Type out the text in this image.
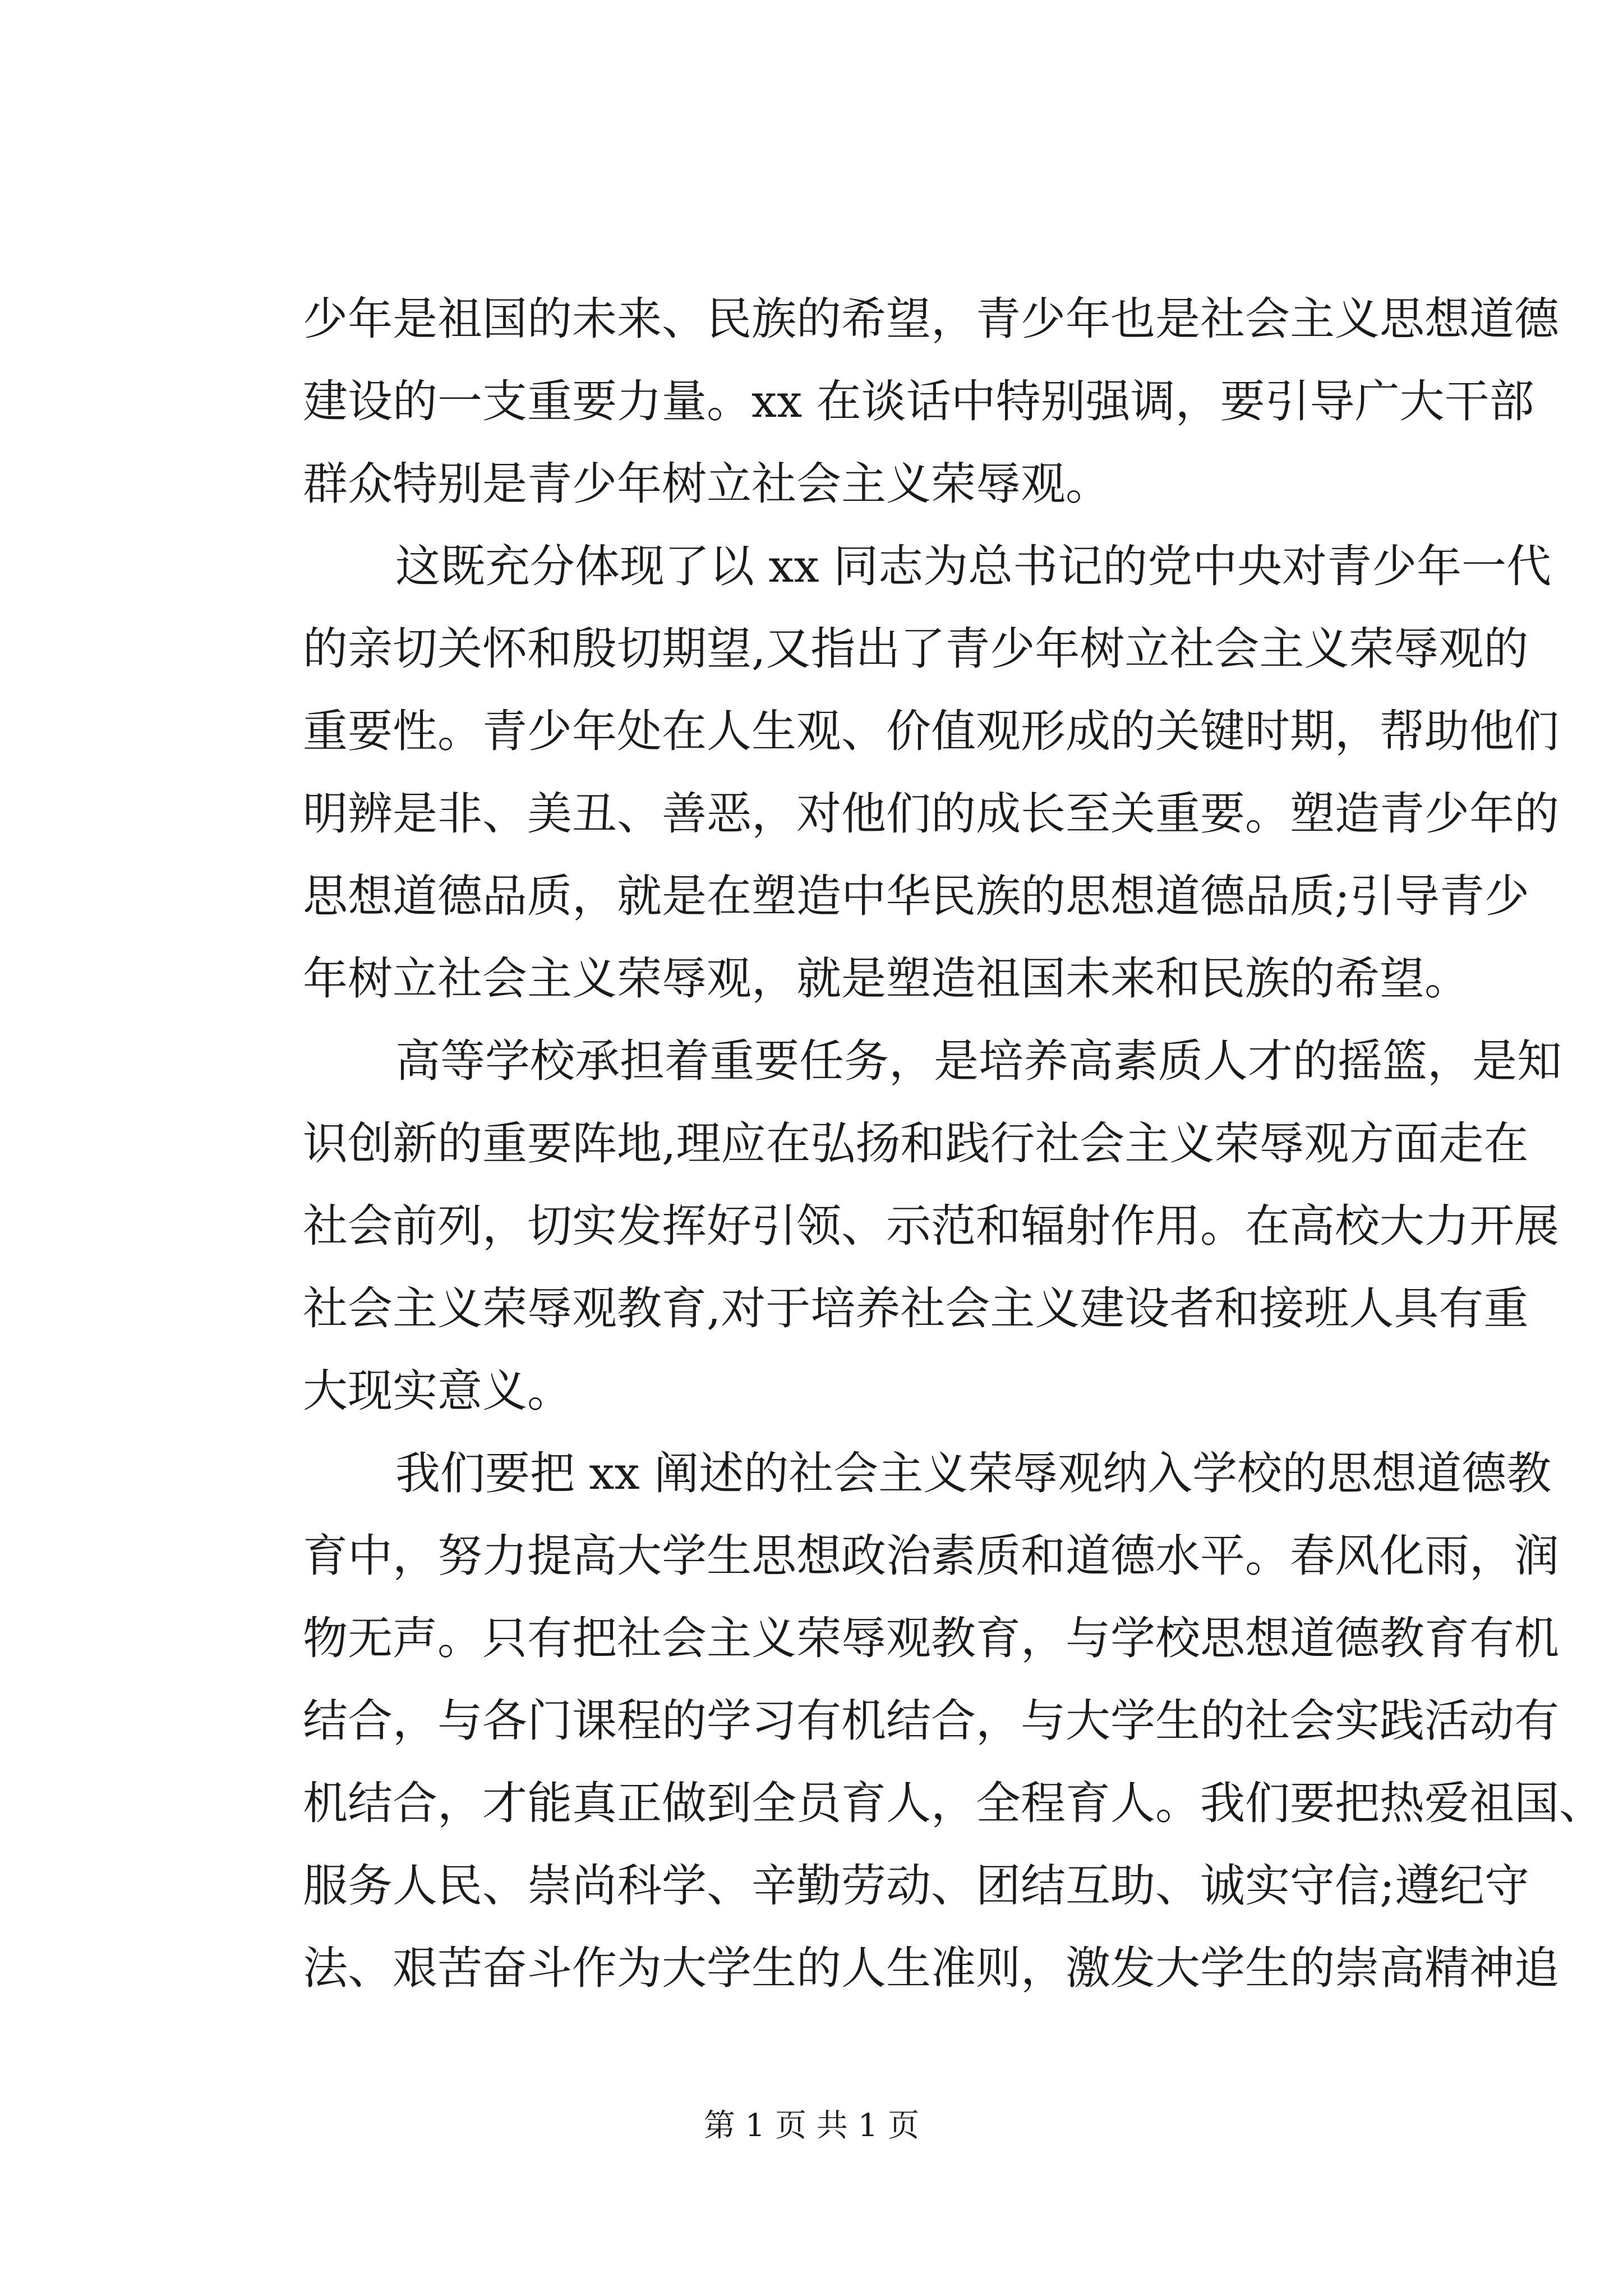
少年是祖国的未来、民族的希望，青少年也是社会主义思想道德
建设的一支重要力量。xx 在谈话中特别强调，要引导广大干部
群众特别是青少年树立社会主义荣辱观。
这既充分体现了以 xx 同志为总书记的党中央对青少年一代
的亲切关怀和殷切期望,又指出了青少年树立社会主义荣辱观的
重要性。青少年处在人生观、价值观形成的关键时期，帮助他们
明辨是非、美丑、善恶，对他们的成长至关重要。塑造青少年的
思想道德品质，就是在塑造中华民族的思想道德品质;引导青少
年树立社会主义荣辱观，就是塑造祖国未来和民族的希望。
高等学校承担着重要任务，是培养高素质人才的摇篮，是知
识创新的重要阵地,理应在弘扬和践行社会主义荣辱观方面走在
社会前列，切实发挥好引领、示范和辐射作用。在高校大力开展
社会主义荣辱观教育,对于培养社会主义建设者和接班人具有重
大现实意义。
我们要把 xx 阐述的社会主义荣辱观纳入学校的思想道德教
育中，努力提高大学生思想政治素质和道德水平。春风化雨，润
物无声。只有把社会主义荣辱观教育，与学校思想道德教育有机
结合，与各门课程的学习有机结合，与大学生的社会实践活动有
机结合，才能真正做到全员育人，全程育人。我们要把热爱祖国、
服务人民、崇尚科学、辛勤劳动、团结互助、诚实守信;遵纪守
法、艰苦奋斗作为大学生的人生准则，激发大学生的崇高精神追
第 1 页 共 1 页
